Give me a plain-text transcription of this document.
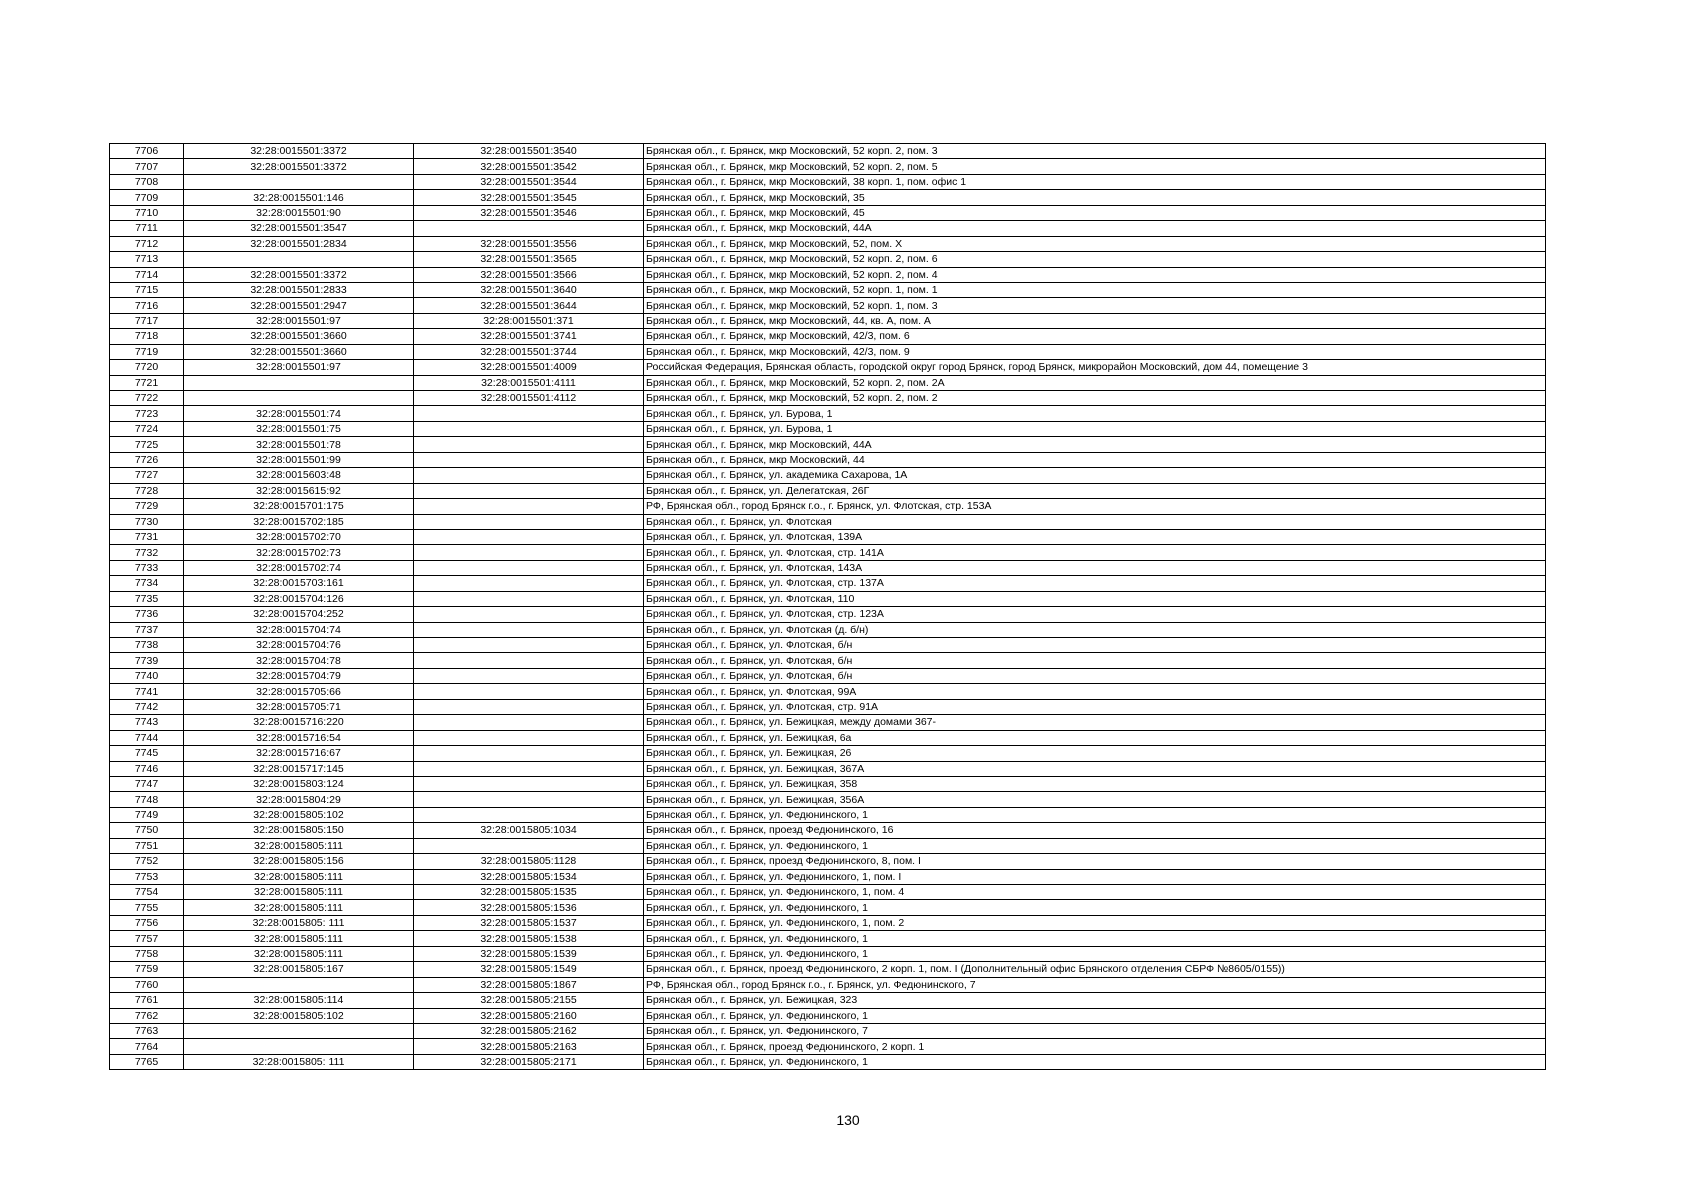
7706	32:28:0015501:3372	32:28:0015501:3540	Брянская обл., г. Брянск, мкр Московский, 52 корп. 2, пом. 3
7707	32:28:0015501:3372	32:28:0015501:3542	Брянская обл., г. Брянск, мкр Московский, 52 корп. 2, пом. 5
7708		32:28:0015501:3544	Брянская обл., г. Брянск, мкр Московский, 38 корп. 1, пом. офис 1
7709	32:28:0015501:146	32:28:0015501:3545	Брянская обл., г. Брянск, мкр Московский, 35
7710	32:28:0015501:90	32:28:0015501:3546	Брянская обл., г. Брянск, мкр Московский, 45
7711	32:28:0015501:3547		Брянская обл., г. Брянск, мкр Московский, 44А
7712	32:28:0015501:2834	32:28:0015501:3556	Брянская обл., г. Брянск, мкр Московский, 52, пом. X
7713		32:28:0015501:3565	Брянская обл., г. Брянск, мкр Московский, 52 корп. 2, пом. 6
7714	32:28:0015501:3372	32:28:0015501:3566	Брянская обл., г. Брянск, мкр Московский, 52 корп. 2, пом. 4
7715	32:28:0015501:2833	32:28:0015501:3640	Брянская обл., г. Брянск, мкр Московский, 52 корп. 1, пом. 1
7716	32:28:0015501:2947	32:28:0015501:3644	Брянская обл., г. Брянск, мкр Московский, 52 корп. 1, пом. 3
7717	32:28:0015501:97	32:28:0015501:371	Брянская обл., г. Брянск, мкр Московский, 44, кв. А, пом. А
7718	32:28:0015501:3660	32:28:0015501:3741	Брянская обл., г. Брянск, мкр Московский, 42/3, пом. 6
7719	32:28:0015501:3660	32:28:0015501:3744	Брянская обл., г. Брянск, мкр Московский, 42/3, пом. 9
7720	32:28:0015501:97	32:28:0015501:4009	Российская Федерация, Брянская область, городской округ город Брянск, город Брянск, микрорайон Московский, дом 44, помещение 3
7721		32:28:0015501:4111	Брянская обл., г. Брянск, мкр Московский, 52 корп. 2, пом. 2А
7722		32:28:0015501:4112	Брянская обл., г. Брянск, мкр Московский, 52 корп. 2, пом. 2
7723	32:28:0015501:74		Брянская обл., г. Брянск, ул. Бурова, 1
7724	32:28:0015501:75		Брянская обл., г. Брянск, ул. Бурова, 1
7725	32:28:0015501:78		Брянская обл., г. Брянск, мкр Московский, 44А
7726	32:28:0015501:99		Брянская обл., г. Брянск, мкр Московский, 44
7727	32:28:0015603:48		Брянская обл., г. Брянск, ул. академика Сахарова, 1А
7728	32:28:0015615:92		Брянская обл., г. Брянск, ул. Делегатская, 26Г
7729	32:28:0015701:175		РФ, Брянская обл., город Брянск г.о., г. Брянск, ул. Флотская, стр. 153А
7730	32:28:0015702:185		Брянская обл., г. Брянск, ул. Флотская
7731	32:28:0015702:70		Брянская обл., г. Брянск, ул. Флотская, 139А
7732	32:28:0015702:73		Брянская обл., г. Брянск, ул. Флотская, стр. 141А
7733	32:28:0015702:74		Брянская обл., г. Брянск, ул. Флотская, 143А
7734	32:28:0015703:161		Брянская обл., г. Брянск, ул. Флотская, стр. 137А
7735	32:28:0015704:126		Брянская обл., г. Брянск, ул. Флотская, 110
7736	32:28:0015704:252		Брянская обл., г. Брянск, ул. Флотская, стр. 123А
7737	32:28:0015704:74		Брянская обл., г. Брянск, ул. Флотская (д. б/н)
7738	32:28:0015704:76		Брянская обл., г. Брянск, ул. Флотская, б/н
7739	32:28:0015704:78		Брянская обл., г. Брянск, ул. Флотская, б/н
7740	32:28:0015704:79		Брянская обл., г. Брянск, ул. Флотская, б/н
7741	32:28:0015705:66		Брянская обл., г. Брянск, ул. Флотская, 99А
7742	32:28:0015705:71		Брянская обл., г. Брянск, ул. Флотская, стр. 91А
7743	32:28:0015716:220		Брянская обл., г. Брянск, ул. Бежицкая, между домами 367-
7744	32:28:0015716:54		Брянская обл., г. Брянск, ул. Бежицкая, 6а
7745	32:28:0015716:67		Брянская обл., г. Брянск, ул. Бежицкая, 26
7746	32:28:0015717:145		Брянская обл., г. Брянск, ул. Бежицкая, 367А
7747	32:28:0015803:124		Брянская обл., г. Брянск, ул. Бежицкая, 358
7748	32:28:0015804:29		Брянская обл., г. Брянск, ул. Бежицкая, 356А
7749	32:28:0015805:102		Брянская обл., г. Брянск, ул. Федюнинского, 1
7750	32:28:0015805:150	32:28:0015805:1034	Брянская обл., г. Брянск, проезд Федюнинского, 16
7751	32:28:0015805:111		Брянская обл., г. Брянск, ул. Федюнинского, 1
7752	32:28:0015805:156	32:28:0015805:1128	Брянская обл., г. Брянск, проезд Федюнинского, 8, пом. I
7753	32:28:0015805:111	32:28:0015805:1534	Брянская обл., г. Брянск, ул. Федюнинского, 1, пом. I
7754	32:28:0015805:111	32:28:0015805:1535	Брянская обл., г. Брянск, ул. Федюнинского, 1, пом. 4
7755	32:28:0015805:111	32:28:0015805:1536	Брянская обл., г. Брянск, ул. Федюнинского, 1
7756	32:28:0015805: 111	32:28:0015805:1537	Брянская обл., г. Брянск, ул. Федюнинского, 1, пом. 2
7757	32:28:0015805:111	32:28:0015805:1538	Брянская обл., г. Брянск, ул. Федюнинского, 1
7758	32:28:0015805:111	32:28:0015805:1539	Брянская обл., г. Брянск, ул. Федюнинского, 1
7759	32:28:0015805:167	32:28:0015805:1549	Брянская обл., г. Брянск, проезд Федюнинского, 2 корп. 1, пом. I (Дополнительный офис Брянского отделения СБРФ №8605/0155))
7760		32:28:0015805:1867	РФ, Брянская обл., город Брянск г.о., г. Брянск, ул. Федюнинского, 7
7761	32:28:0015805:114	32:28:0015805:2155	Брянская обл., г. Брянск, ул. Бежицкая, 323
7762	32:28:0015805:102	32:28:0015805:2160	Брянская обл., г. Брянск, ул. Федюнинского, 1
7763		32:28:0015805:2162	Брянская обл., г. Брянск, ул. Федюнинского, 7
7764		32:28:0015805:2163	Брянская обл., г. Брянск, проезд Федюнинского, 2 корп. 1
7765	32:28:0015805: 111	32:28:0015805:2171	Брянская обл., г. Брянск, ул. Федюнинского, 1
130
